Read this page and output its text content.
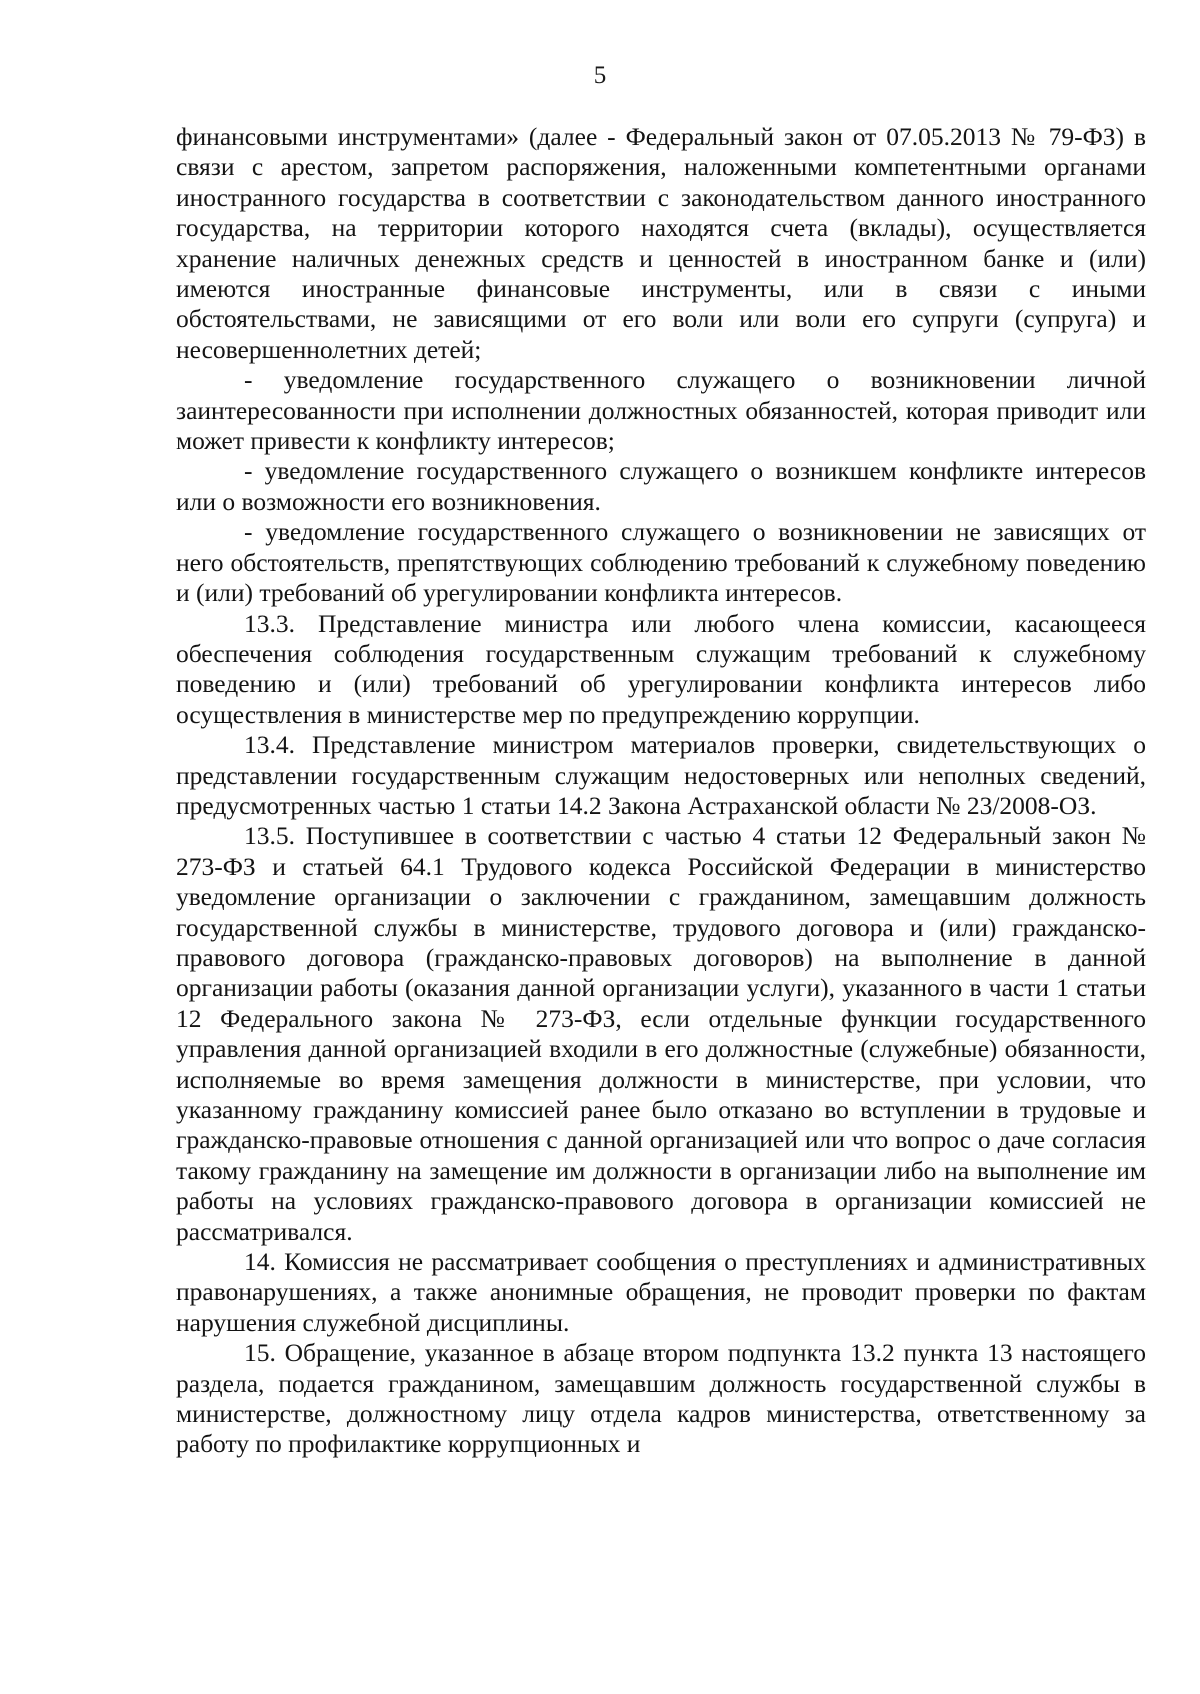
5

финансовыми инструментами» (далее - Федеральный закон от 07.05.2013 № 79-ФЗ) в связи с арестом, запретом распоряжения, наложенными компетентными органами иностранного государства в соответствии с законодательством данного иностранного государства, на территории которого находятся счета (вклады), осуществляется хранение наличных денежных средств и ценностей в иностранном банке и (или) имеются иностранные финансовые инструменты, или в связи с иными обстоятельствами, не зависящими от его воли или воли его супруги (супруга) и несовершеннолетних детей;

- уведомление государственного служащего о возникновении личной заинтересованности при исполнении должностных обязанностей, которая приводит или может привести к конфликту интересов;

- уведомление государственного служащего о возникшем конфликте интересов или о возможности его возникновения.

- уведомление государственного служащего о возникновении не зависящих от него обстоятельств, препятствующих соблюдению требований к служебному поведению и (или) требований об урегулировании конфликта интересов.

13.3. Представление министра или любого члена комиссии, касающееся обеспечения соблюдения государственным служащим требований к служебному поведению и (или) требований об урегулировании конфликта интересов либо осуществления в министерстве мер по предупреждению коррупции.

13.4. Представление министром материалов проверки, свидетельствующих о представлении государственным служащим недостоверных или неполных сведений, предусмотренных частью 1 статьи 14.2 Закона Астраханской области № 23/2008-ОЗ.

13.5. Поступившее в соответствии с частью 4 статьи 12 Федеральный закон № 273-ФЗ и статьей 64.1 Трудового кодекса Российской Федерации в министерство уведомление организации о заключении с гражданином, замещавшим должность государственной службы в министерстве, трудового договора и (или) гражданско-правового договора (гражданско-правовых договоров) на выполнение в данной организации работы (оказания данной организации услуги), указанного в части 1 статьи 12 Федерального закона № 273-ФЗ, если отдельные функции государственного управления данной организацией входили в его должностные (служебные) обязанности, исполняемые во время замещения должности в министерстве, при условии, что указанному гражданину комиссией ранее было отказано во вступлении в трудовые и гражданско-правовые отношения с данной организацией или что вопрос о даче согласия такому гражданину на замещение им должности в организации либо на выполнение им работы на условиях гражданско-правового договора в организации комиссией не рассматривался.

14. Комиссия не рассматривает сообщения о преступлениях и административных правонарушениях, а также анонимные обращения, не проводит проверки по фактам нарушения служебной дисциплины.

15. Обращение, указанное в абзаце втором подпункта 13.2 пункта 13 настоящего раздела, подается гражданином, замещавшим должность государственной службы в министерстве, должностному лицу отдела кадров министерства, ответственному за работу по профилактике коррупционных и
